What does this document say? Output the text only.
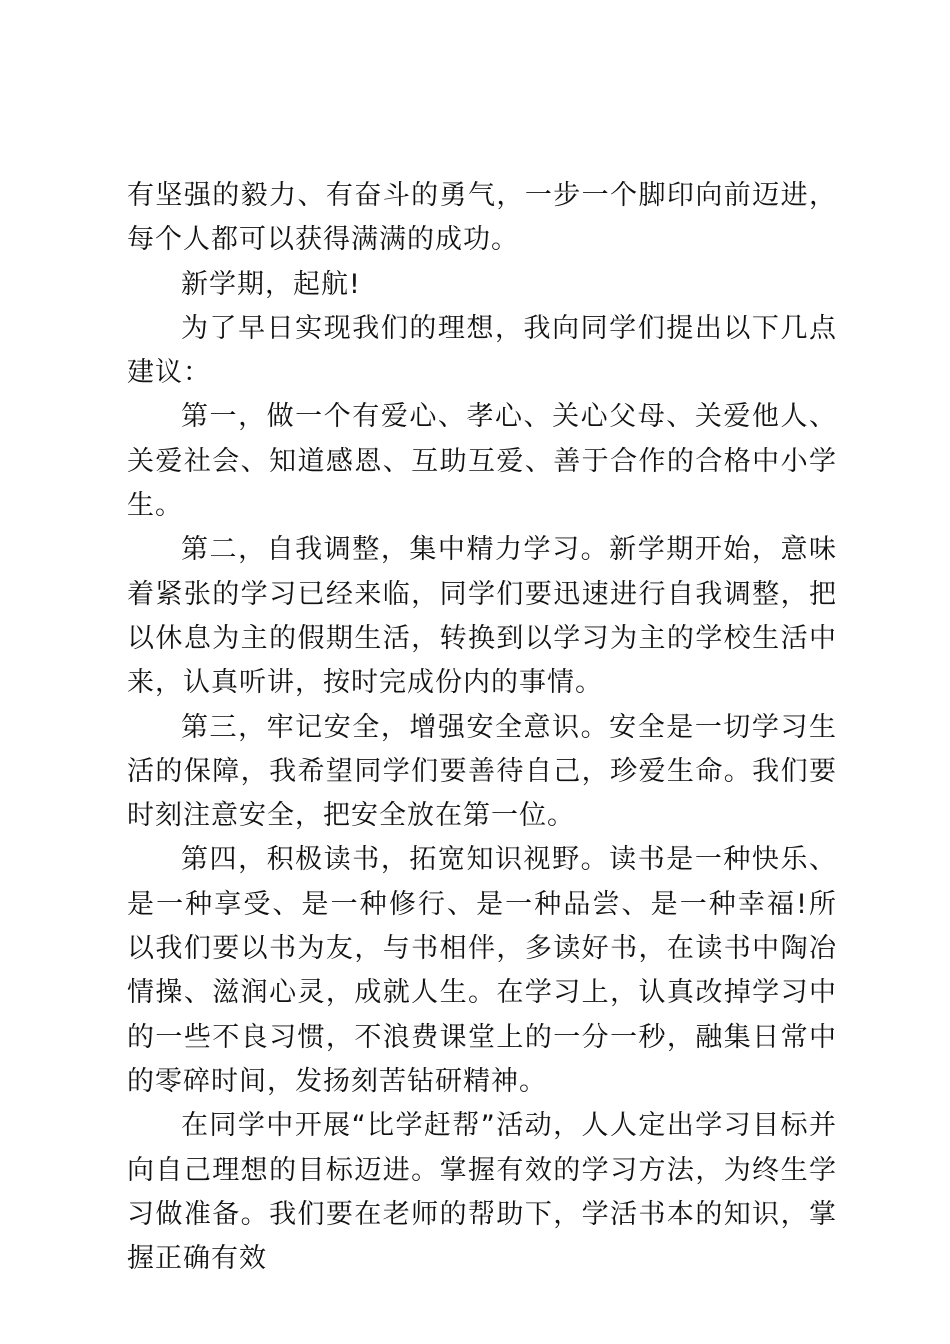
有坚强的毅力、有奋斗的勇气，一步一个脚印向前迈进，每个人都可以获得满满的成功。

新学期，起航!

为了早日实现我们的理想，我向同学们提出以下几点建议：

第一，做一个有爱心、孝心、关心父母、关爱他人、关爱社会、知道感恩、互助互爱、善于合作的合格中小学生。

第二，自我调整，集中精力学习。新学期开始，意味着紧张的学习已经来临，同学们要迅速进行自我调整，把以休息为主的假期生活，转换到以学习为主的学校生活中来，认真听讲，按时完成份内的事情。

第三，牢记安全，增强安全意识。安全是一切学习生活的保障，我希望同学们要善待自己，珍爱生命。我们要时刻注意安全，把安全放在第一位。

第四，积极读书，拓宽知识视野。读书是一种快乐、是一种享受、是一种修行、是一种品尝、是一种幸福!所以我们要以书为友，与书相伴，多读好书，在读书中陶冶情操、滋润心灵，成就人生。在学习上，认真改掉学习中的一些不良习惯，不浪费课堂上的一分一秒，融集日常中的零碎时间，发扬刻苦钻研精神。

在同学中开展“比学赶帮”活动，人人定出学习目标并向自己理想的目标迈进。掌握有效的学习方法，为终生学习做准备。我们要在老师的帮助下，学活书本的知识，掌握正确有效
